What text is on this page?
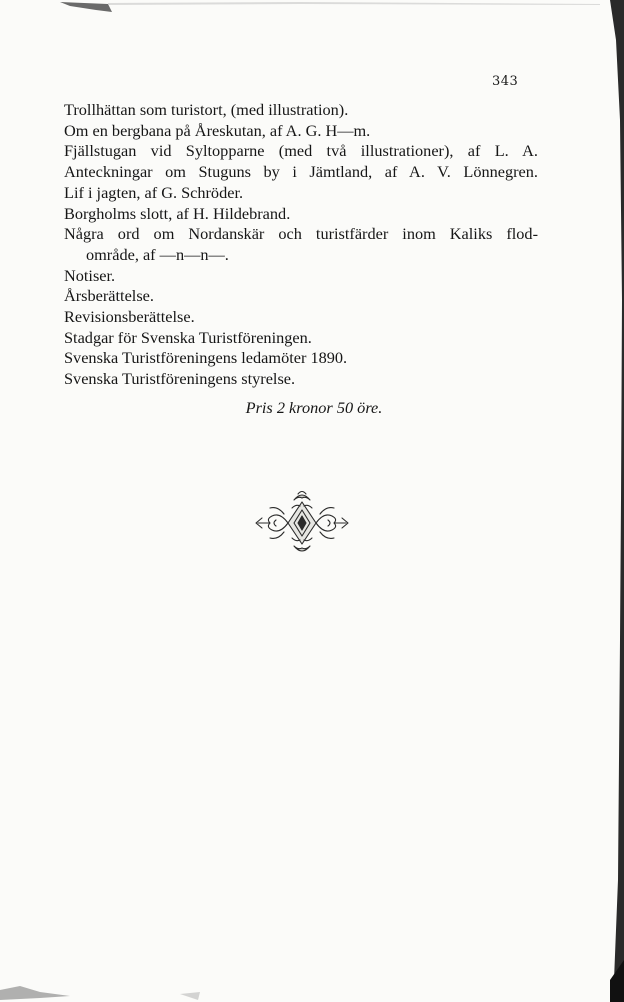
343
Trollhättan som turistort, (med illustration).
Om en bergbana på Åreskutan, af A. G. H—m.
Fjällstugan vid Syltopparne (med två illustrationer), af L. A.
Anteckningar om Stuguns by i Jämtland, af A. V. Lönnegren.
Lif i jagten, af G. Schröder.
Borgholms slott, af H. Hildebrand.
Några ord om Nordanskär och turistfärder inom Kaliks flod-
område, af —n—n—.
Notiser.
Årsberättelse.
Revisionsberättelse.
Stadgar för Svenska Turistföreningen.
Svenska Turistföreningens ledamöter 1890.
Svenska Turistföreningens styrelse.
Pris 2 kronor 50 öre.
